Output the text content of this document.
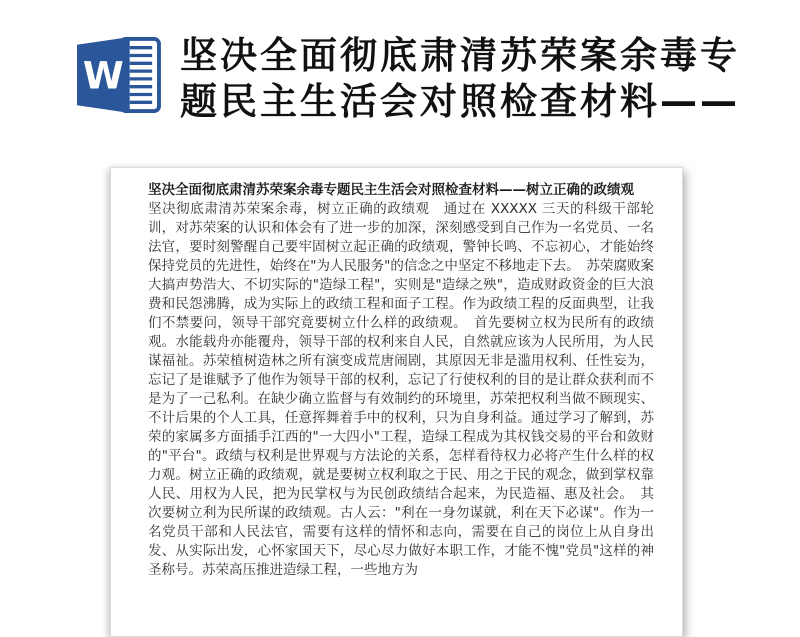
W 坚决全面彻底肃清苏荣案余毒专题民主生活会对照检查材料——
坚决全面彻底肃清苏荣案余毒专题民主生活会对照检查材料——树立正确的政绩观
坚决彻底肃清苏荣案余毒，树立正确的政绩观　通过在 XXXXX 三天的科级干部轮训，对苏荣案的认识和体会有了进一步的加深，深刻感受到自己作为一名党员、一名法官，要时刻警醒自己要牢固树立起正确的政绩观，警钟长鸣、不忘初心，才能始终保持党员的先进性，始终在"为人民服务"的信念之中坚定不移地走下去。　苏荣腐败案大搞声势浩大、不切实际的"造绿工程"，实则是"造绿之殃"，造成财政资金的巨大浪费和民怨沸腾，成为实际上的政绩工程和面子工程。作为政绩工程的反面典型，让我们不禁要问，领导干部究竟要树立什么样的政绩观。　首先要树立权为民所有的政绩观。水能载舟亦能覆舟，领导干部的权利来自人民，自然就应该为人民所用，为人民谋福祉。苏荣植树造林之所有演变成荒唐闹剧，其原因无非是滥用权利、任性妄为，忘记了是谁赋予了他作为领导干部的权利，忘记了行使权利的目的是让群众获利而不是为了一己私利。在缺少确立监督与有效制约的环境里，苏荣把权利当做不顾现实、不计后果的个人工具，任意挥舞着手中的权利，只为自身利益。通过学习了解到，苏荣的家属多方面插手江西的"一大四小"工程，造绿工程成为其权钱交易的平台和敛财的"平台"。政绩与权利是世界观与方法论的关系，怎样看待权力必将产生什么样的权力观。树立正确的政绩观，就是要树立权利取之于民、用之于民的观念，做到掌权靠人民、用权为人民，把为民掌权与为民创政绩结合起来，为民造福、惠及社会。　其次要树立利为民所谋的政绩观。古人云："利在一身勿谋就，利在天下必谋"。作为一名党员干部和人民法官，需要有这样的情怀和志向，需要在自己的岗位上从自身出发、从实际出发，心怀家国天下，尽心尽力做好本职工作，才能不愧"党员"这样的神圣称号。苏荣高压推进造绿工程，一些地方为
